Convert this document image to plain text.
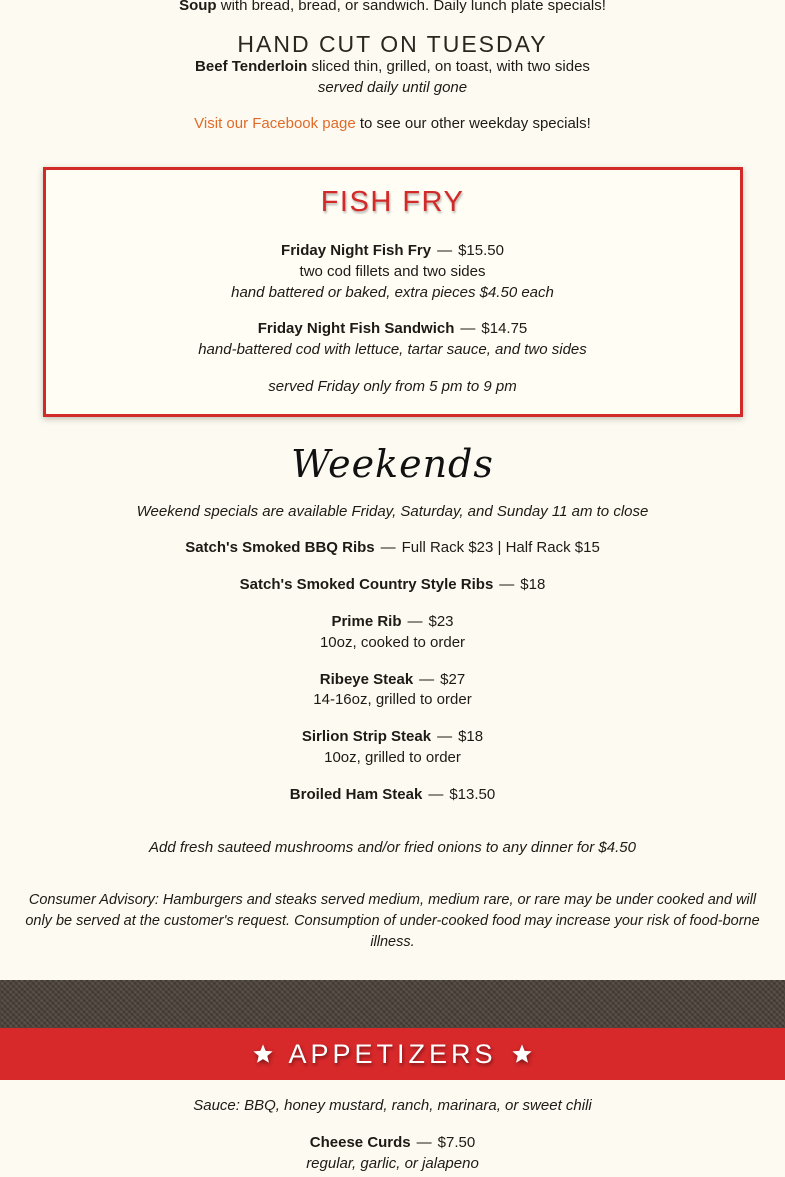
Soup with bread, bread, or sandwich. Daily lunch plate specials!
HAND CUT ON TUESDAY
Beef Tenderloin sliced thin, grilled, on toast, with two sides
served daily until gone
Visit our Facebook page to see our other weekday specials!
FISH FRY
Friday Night Fish Fry — $15.50
two cod fillets and two sides
hand battered or baked, extra pieces $4.50 each
Friday Night Fish Sandwich — $14.75
hand-battered cod with lettuce, tartar sauce, and two sides
served Friday only from 5 pm to 9 pm
Weekends
Weekend specials are available Friday, Saturday, and Sunday 11 am to close
Satch's Smoked BBQ Ribs — Full Rack $23 | Half Rack $15
Satch's Smoked Country Style Ribs — $18
Prime Rib — $23
10oz, cooked to order
Ribeye Steak — $27
14-16oz, grilled to order
Sirlion Strip Steak — $18
10oz, grilled to order
Broiled Ham Steak — $13.50
Add fresh sauteed mushrooms and/or fried onions to any dinner for $4.50
Consumer Advisory: Hamburgers and steaks served medium, medium rare, or rare may be under cooked and will only be served at the customer's request. Consumption of under-cooked food may increase your risk of food-borne illness.
APPETIZERS
Sauce: BBQ, honey mustard, ranch, marinara, or sweet chili
Cheese Curds — $7.50
regular, garlic, or jalapeno
